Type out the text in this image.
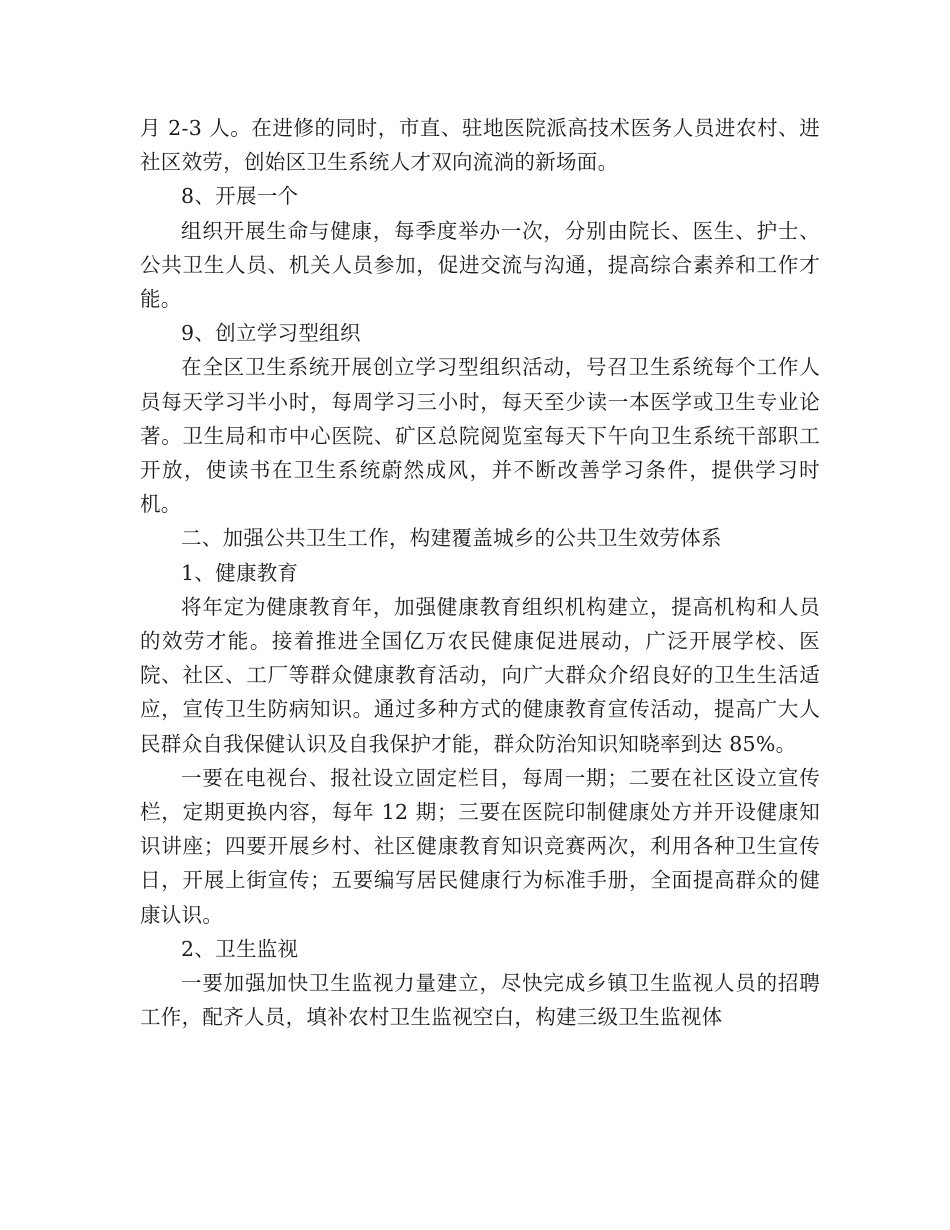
月 2-3 人。在进修的同时，市直、驻地医院派高技术医务人员进农村、进社区效劳，创始区卫生系统人才双向流淌的新场面。

8、开展一个

组织开展生命与健康，每季度举办一次，分别由院长、医生、护士、公共卫生人员、机关人员参加，促进交流与沟通，提高综合素养和工作才能。

9、创立学习型组织

在全区卫生系统开展创立学习型组织活动，号召卫生系统每个工作人员每天学习半小时，每周学习三小时，每天至少读一本医学或卫生专业论著。卫生局和市中心医院、矿区总院阅览室每天下午向卫生系统干部职工开放，使读书在卫生系统蔚然成风，并不断改善学习条件，提供学习时机。

二、加强公共卫生工作，构建覆盖城乡的公共卫生效劳体系

1、健康教育

将年定为健康教育年，加强健康教育组织机构建立，提高机构和人员的效劳才能。接着推进全国亿万农民健康促进展动，广泛开展学校、医院、社区、工厂等群众健康教育活动，向广大群众介绍良好的卫生生活适应，宣传卫生防病知识。通过多种方式的健康教育宣传活动，提高广大人民群众自我保健认识及自我保护才能，群众防治知识知晓率到达 85%。

一要在电视台、报社设立固定栏目，每周一期；二要在社区设立宣传栏，定期更换内容，每年 12 期；三要在医院印制健康处方并开设健康知识讲座；四要开展乡村、社区健康教育知识竞赛两次，利用各种卫生宣传日，开展上街宣传；五要编写居民健康行为标准手册，全面提高群众的健康认识。

2、卫生监视

一要加强加快卫生监视力量建立，尽快完成乡镇卫生监视人员的招聘工作，配齐人员，填补农村卫生监视空白，构建三级卫生监视体
